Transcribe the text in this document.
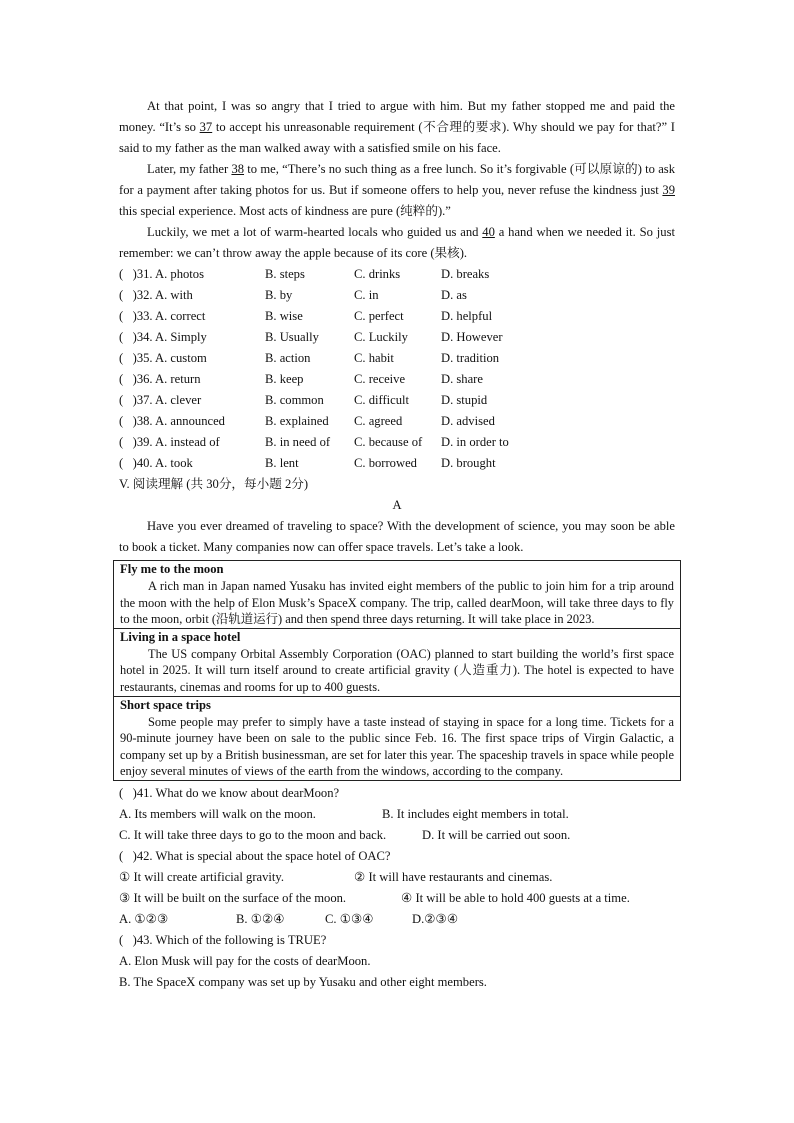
At that point, I was so angry that I tried to argue with him. But my father stopped me and paid the money. “It’s so 37 to accept his unreasonable requirement (不合理的要求). Why should we pay for that?” I said to my father as the man walked away with a satisfied smile on his face.

Later, my father 38 to me, “There’s no such thing as a free lunch. So it’s forgivable (可以原谅的) to ask for a payment after taking photos for us. But if someone offers to help you, never refuse the kindness just 39 this special experience. Most acts of kindness are pure (纯粹的).”

Luckily, we met a lot of warm-hearted locals who guided us and 40 a hand when we needed it. So just remember: we can’t throw away the apple because of its core (果核).

(   )31. A. photos	B. steps	C. drinks	D. breaks
(   )32. A. with	B. by	C. in	D. as
(   )33. A. correct	B. wise	C. perfect	D. helpful
(   )34. A. Simply	B. Usually	C. Luckily	D. However
(   )35. A. custom	B. action	C. habit	D. tradition
(   )36. A. return	B. keep	C. receive	D. share
(   )37. A. clever	B. common	C. difficult	D. stupid
(   )38. A. announced	B. explained	C. agreed	D. advised
(   )39. A. instead of	B. in need of	C. because of	D. in order to
(   )40. A. took	B. lent	C. borrowed	D. brought

V. 阅读理解 (共 30分，每小题 2分)

A

Have you ever dreamed of traveling to space? With the development of science, you may soon be able to book a ticket. Many companies now can offer space travels. Let’s take a look.

Fly me to the moon

A rich man in Japan named Yusaku has invited eight members of the public to join him for a trip around the moon with the help of Elon Musk’s SpaceX company. The trip, called dearMoon, will take three days to fly to the moon, orbit (沿轨道运行) and then spend three days returning. It will take place in 2023.

Living in a space hotel

The US company Orbital Assembly Corporation (OAC) planned to start building the world’s first space hotel in 2025. It will turn itself around to create artificial gravity (人造重力). The hotel is expected to have restaurants, cinemas and rooms for up to 400 guests.

Short space trips

Some people may prefer to simply have a taste instead of staying in space for a long time. Tickets for a 90-minute journey have been on sale to the public since Feb. 16. The first space trips of Virgin Galactic, a company set up by a British businessman, are set for later this year. The spaceship travels in space while people enjoy several minutes of views of the earth from the windows, according to the company.

(   )41. What do we know about dearMoon?

A. Its members will walk on the moon.	B. It includes eight members in total.
C. It will take three days to go to the moon and back.	D. It will be carried out soon.

(   )42. What is special about the space hotel of OAC?

① It will create artificial gravity.	② It will have restaurants and cinemas.
③ It will be built on the surface of the moon.	④ It will be able to hold 400 guests at a time.
A. ①②③	B. ①②④	C. ①③④	D.②③④

(   )43. Which of the following is TRUE?

A. Elon Musk will pay for the costs of dearMoon.

B. The SpaceX company was set up by Yusaku and other eight members.
